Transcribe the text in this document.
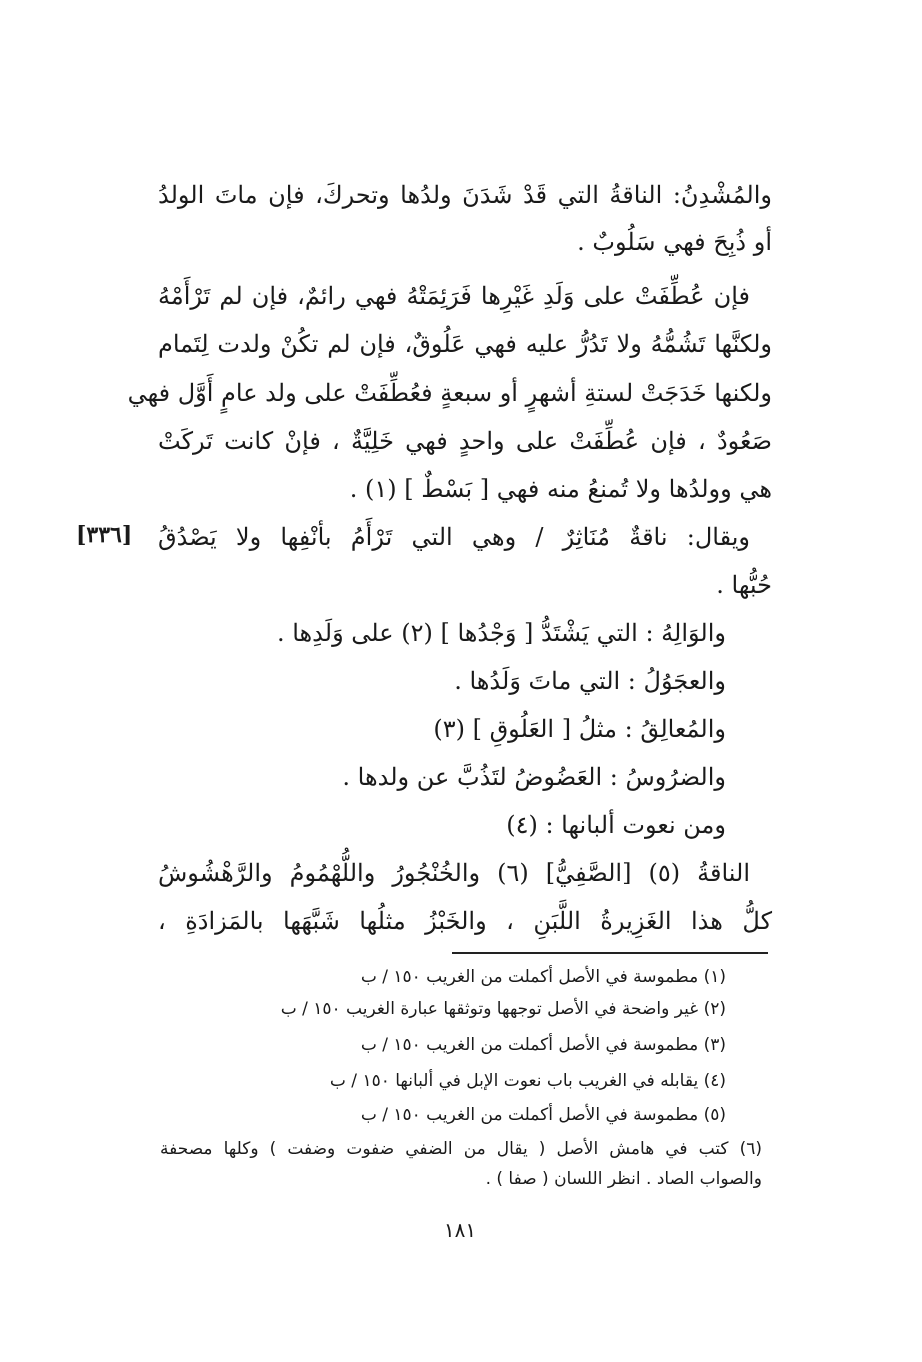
والمُشْدِنُ: الناقةُ التي قَدْ شَدَنَ ولدُها وتحركَ، فإن ماتَ الولدُ
أو ذُبِحَ فهي سَلُوبٌ .
فإن عُطِّفَتْ على وَلَدِ غَيْرِها فَرَئِمَتْهُ فهي رائمٌ، فإن لم تَرْأَمْهُ
ولكنَّها تَشُمُّهُ ولا تَدُرُّ عليه فهي عَلُوقٌ، فإن لم تكُنْ ولدت لِتَمام
ولكنها خَدَجَتْ لستةِ أشهرٍ أو سبعةٍ فعُطِّفَتْ على ولد عامٍ أَوَّل فهي
صَعُودٌ ، فإن عُطِّفَتْ على واحدٍ فهي خَلِيَّةٌ ، فإنْ كانت تَركَتْ
هي وولدُها ولا تُمنعُ منه فهي [ بَسْطٌ ] (١) .
[٣٣٦] ويقال: ناقةٌ مُنَاثِرٌ / وهي التي تَرْأَمُ بأنْفِها ولا يَصْدُقُ
حُبُّها .
والوَالِهُ : التي يَشْتَدُّ [ وَجْدُها ] (٢) على وَلَدِها .
والعجَوُلُ : التي ماتَ وَلَدُها .
والمُعالِقُ : مثلُ [ العَلُوقِ ] (٣)
والضرُوسُ : العَضُوضُ لتَذُبَّ عن ولدها .
ومن نعوت ألبانها : (٤)
الناقةُ (٥) [الصَّفِيُّ] (٦) والخُنْجُورُ واللُّهْمُومُ والرَّهْشُوشُ
كلُّ هذا الغَزِيرةُ اللَّبَنِ ، والخَبْزُ مثلُها شَبَّهَها بالمَزادَةِ ،
(١) مطموسة في الأصل أكملت من الغريب ١٥٠ / ب
(٢) غير واضحة في الأصل توجهها وتوثقها عبارة الغريب ١٥٠ / ب
(٣) مطموسة في الأصل أكملت من الغريب ١٥٠ / ب
(٤) يقابله في الغريب باب نعوت الإبل في ألبانها ١٥٠ / ب
(٥) مطموسة في الأصل أكملت من الغريب ١٥٠ / ب
(٦) كتب في هامش الأصل ( يقال من الضفي ضفوت وضفت ) وكلها مصحفة
والصواب الصاد . انظر اللسان ( صفا ) .
١٨١
